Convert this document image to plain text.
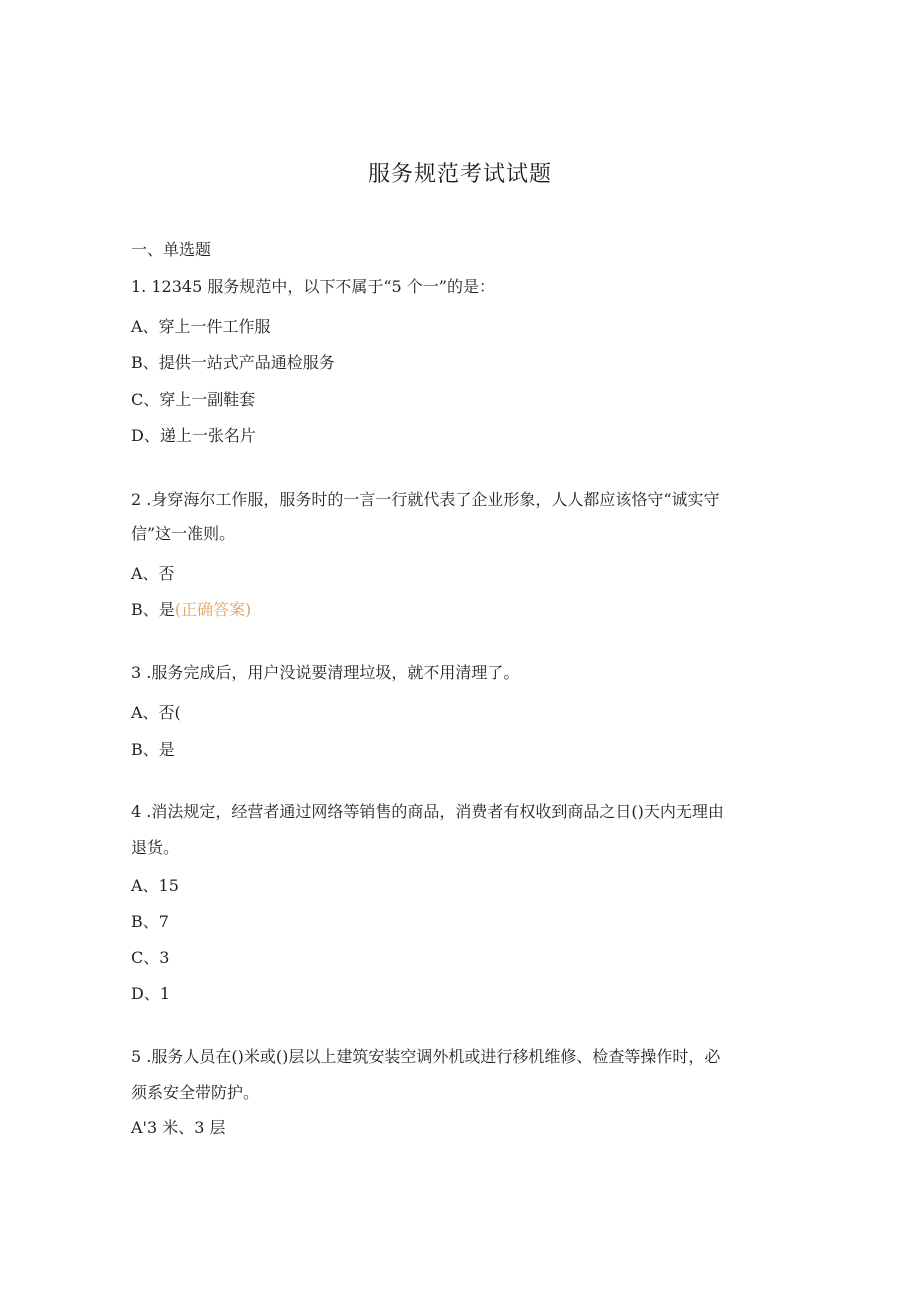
服务规范考试试题
一、单选题
1. 12345 服务规范中，以下不属于“5 个一”的是：
A、穿上一件工作服
B、提供一站式产品通检服务
C、穿上一副鞋套
D、递上一张名片
2 .身穿海尔工作服，服务时的一言一行就代表了企业形象，人人都应该恪守“诚实守
信”这一准则。
A、否
B、是(正确答案)
3 .服务完成后，用户没说要清理垃圾，就不用清理了。
A、否(
B、是
4 .消法规定，经营者通过网络等销售的商品，消费者有权收到商品之日()天内无理由
退货。
A、15
B、7
C、3
D、1
5 .服务人员在()米或()层以上建筑安装空调外机或进行移机维修、检查等操作时，必
须系安全带防护。
A'3 米、3 层
